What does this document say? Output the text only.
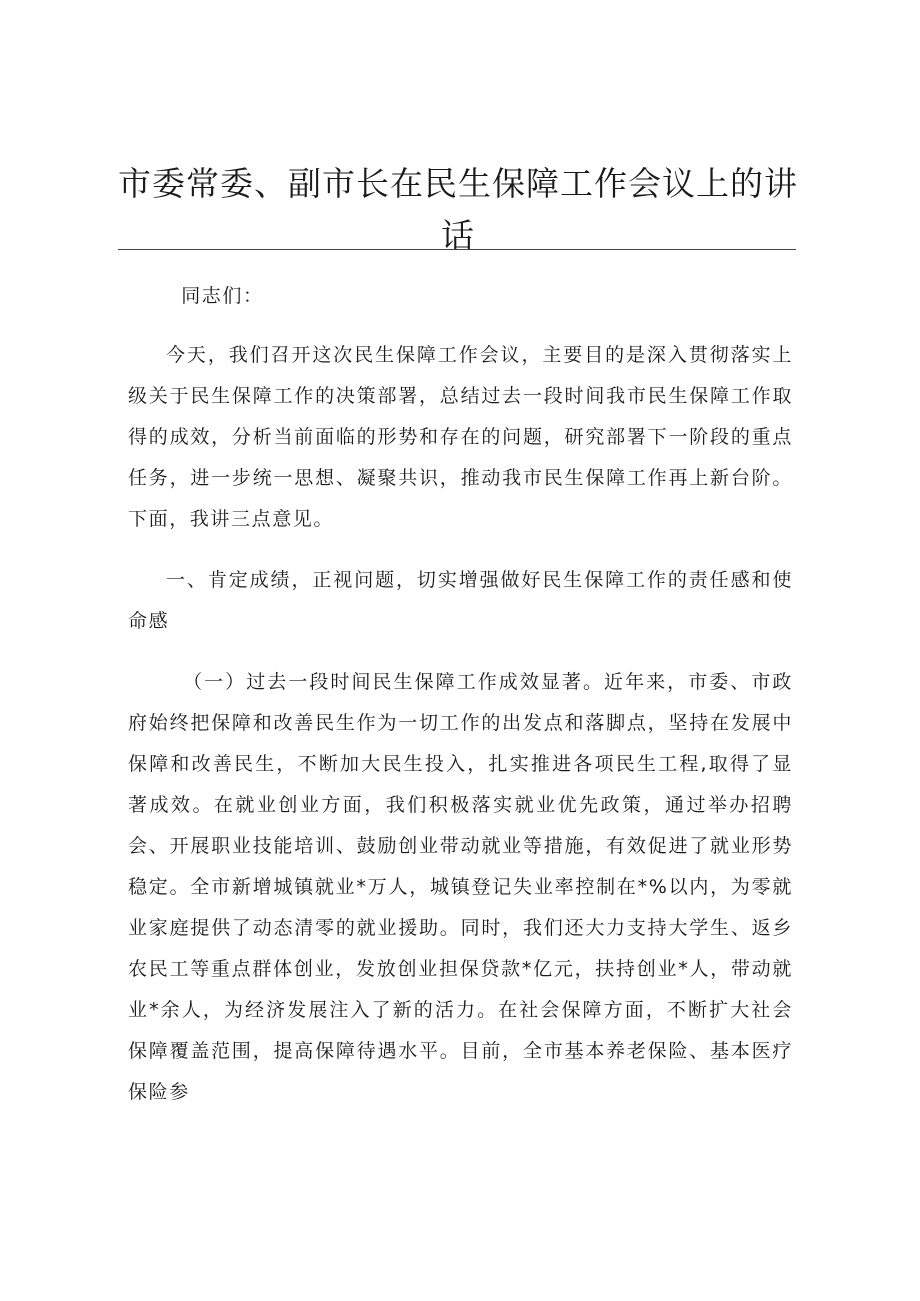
市委常委、副市长在民生保障工作会议上的讲
话

同志们：

今天，我们召开这次民生保障工作会议，主要目的是深入贯彻落实上级关于民生保障工作的决策部署，总结过去一段时间我市民生保障工作取得的成效，分析当前面临的形势和存在的问题，研究部署下一阶段的重点任务，进一步统一思想、凝聚共识，推动我市民生保障工作再上新台阶。下面，我讲三点意见。

一、肯定成绩，正视问题，切实增强做好民生保障工作的责任感和使命感

（一）过去一段时间民生保障工作成效显著。近年来，市委、市政府始终把保障和改善民生作为一切工作的出发点和落脚点，坚持在发展中保障和改善民生，不断加大民生投入，扎实推进各项民生工程,取得了显著成效。在就业创业方面，我们积极落实就业优先政策，通过举办招聘会、开展职业技能培训、鼓励创业带动就业等措施，有效促进了就业形势稳定。全市新增城镇就业*万人，城镇登记失业率控制在*%以内，为零就业家庭提供了动态清零的就业援助。同时，我们还大力支持大学生、返乡农民工等重点群体创业，发放创业担保贷款*亿元，扶持创业*人，带动就业*余人，为经济发展注入了新的活力。在社会保障方面，不断扩大社会保障覆盖范围，提高保障待遇水平。目前，全市基本养老保险、基本医疗保险参
